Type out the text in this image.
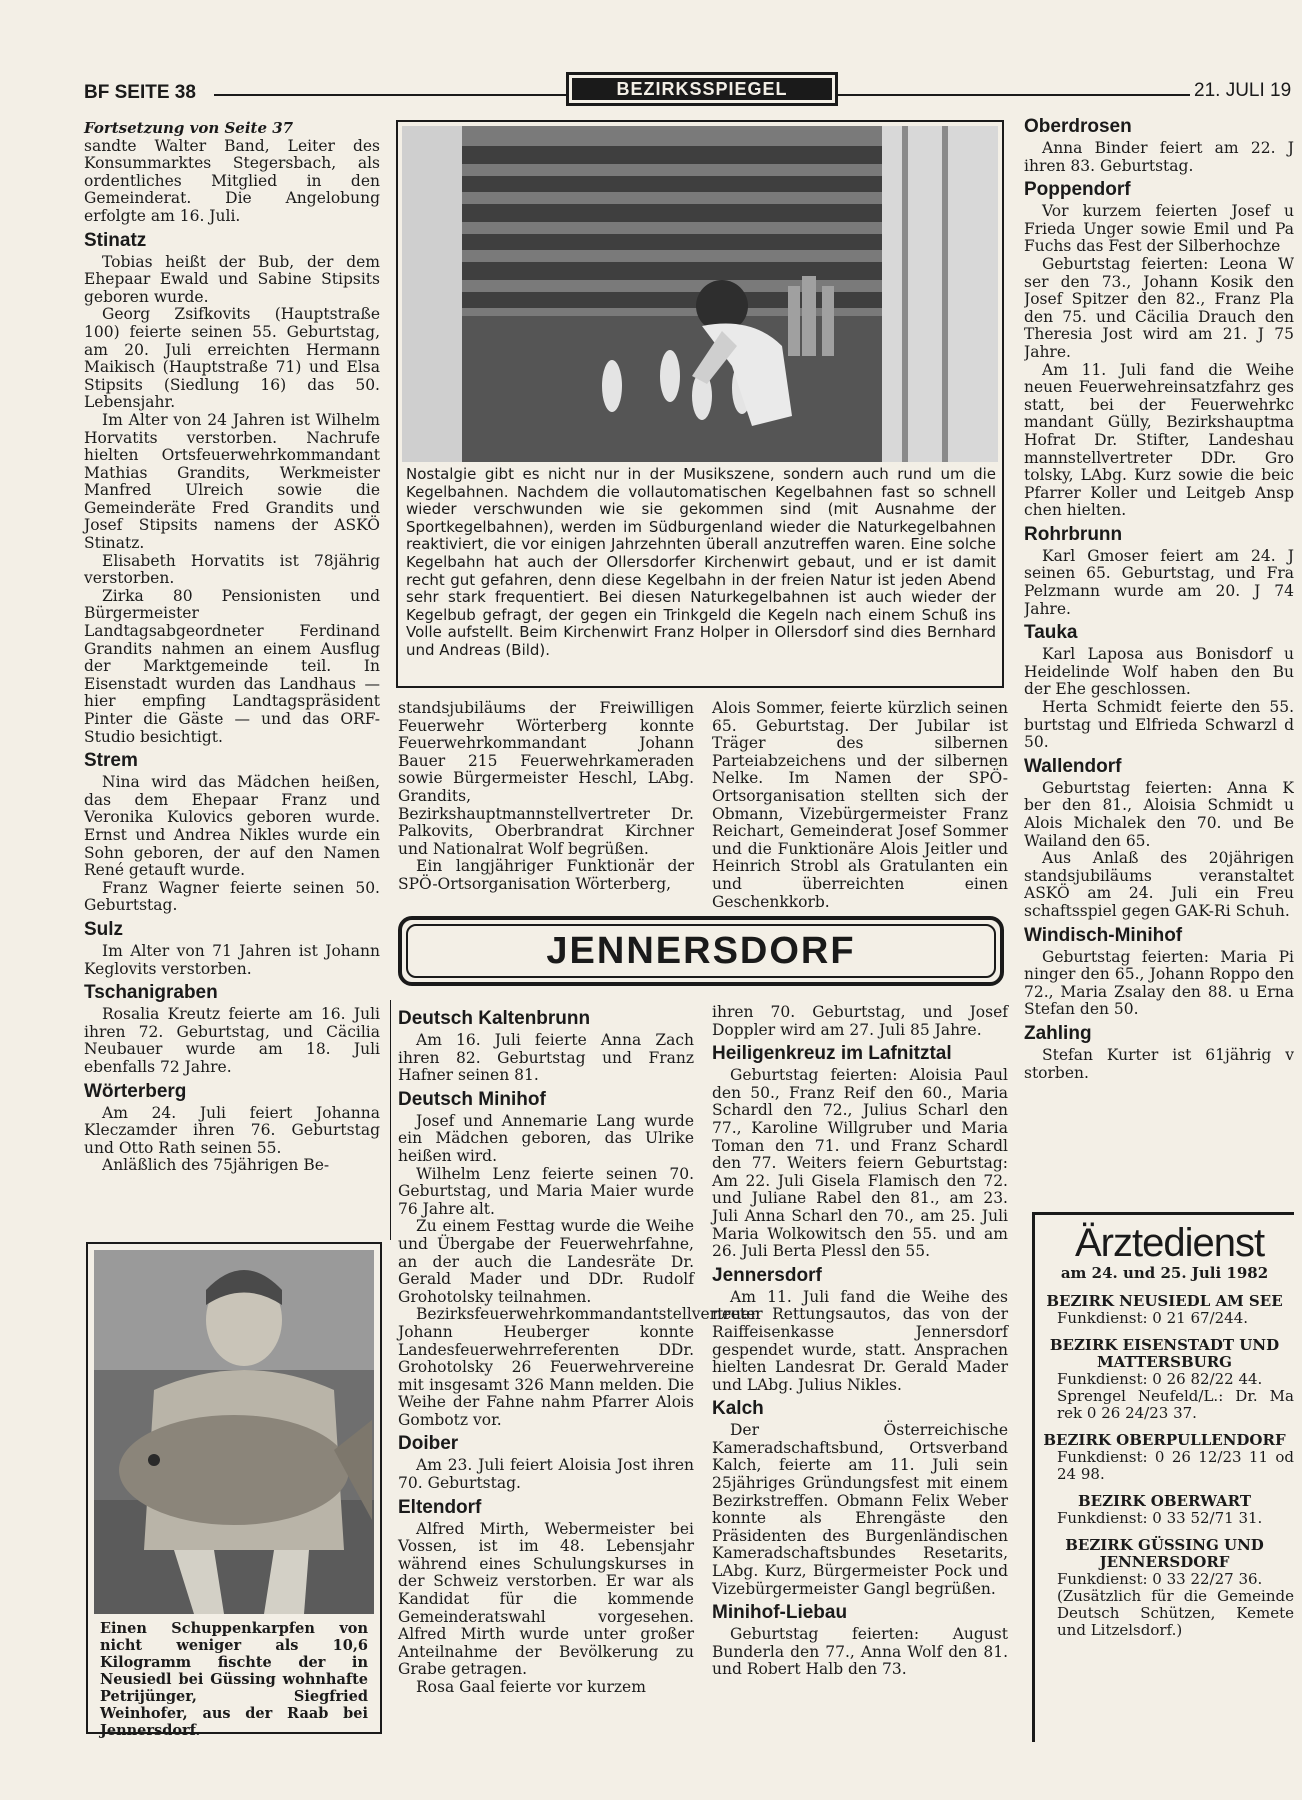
BF SEITE 38	BEZIRKSSPIEGEL	21. JULI 19

Fortsetzung von Seite 37

sandte Walter Band, Leiter des Konsummarktes Stegersbach, als ordentliches Mitglied in den Gemeinderat. Die Angelobung erfolgte am 16. Juli.

Stinatz

Tobias heißt der Bub, der dem Ehepaar Ewald und Sabine Stipsits geboren wurde.

Georg Zsifkovits (Hauptstraße 100) feierte seinen 55. Geburtstag, am 20. Juli erreichten Hermann Maikisch (Hauptstraße 71) und Elsa Stipsits (Siedlung 16) das 50. Lebensjahr.

Im Alter von 24 Jahren ist Wilhelm Horvatits verstorben. Nachrufe hielten Ortsfeuerwehrkommandant Mathias Grandits, Werkmeister Manfred Ulreich sowie die Gemeinderäte Fred Grandits und Josef Stipsits namens der ASKÖ Stinatz.

Elisabeth Horvatits ist 78jährig verstorben.

Zirka 80 Pensionisten und Bürgermeister Landtagsabgeordneter Ferdinand Grandits nahmen an einem Ausflug der Marktgemeinde teil. In Eisenstadt wurden das Landhaus — hier empfing Landtagspräsident Pinter die Gäste — und das ORF-Studio besichtigt.

Strem

Nina wird das Mädchen heißen, das dem Ehepaar Franz und Veronika Kulovics geboren wurde. Ernst und Andrea Nikles wurde ein Sohn geboren, der auf den Namen René getauft wurde.

Franz Wagner feierte seinen 50. Geburtstag.

Sulz

Im Alter von 71 Jahren ist Johann Keglovits verstorben.

Tschanigraben

Rosalia Kreutz feierte am 16. Juli ihren 72. Geburtstag, und Cäcilia Neubauer wurde am 18. Juli ebenfalls 72 Jahre.

Wörterberg

Am 24. Juli feiert Johanna Kleczamder ihren 76. Geburtstag und Otto Rath seinen 55.

Anläßlich des 75jährigen Be-

Einen Schuppenkarpfen von nicht weniger als 10,6 Kilogramm fischte der in Neusiedl bei Güssing wohnhafte Petrijünger, Siegfried Weinhofer, aus der Raab bei Jennersdorf.
Nostalgie gibt es nicht nur in der Musikszene, sondern auch rund um die Kegelbahnen. Nachdem die vollautomatischen Kegelbahnen fast so schnell wieder verschwunden wie sie gekommen sind (mit Ausnahme der Sportkegelbahnen), werden im Südburgenland wieder die Naturkegelbahnen reaktiviert, die vor einigen Jahrzehnten überall anzutreffen waren. Eine solche Kegelbahn hat auch der Ollersdorfer Kirchenwirt gebaut, und er ist damit recht gut gefahren, denn diese Kegelbahn in der freien Natur ist jeden Abend sehr stark frequentiert. Bei diesen Naturkegelbahnen ist auch wieder der Kegelbub gefragt, der gegen ein Trinkgeld die Kegeln nach einem Schuß ins Volle aufstellt. Beim Kirchenwirt Franz Holper in Ollersdorf sind dies Bernhard und Andreas (Bild).

standsjubiläums der Freiwilligen Feuerwehr Wörterberg konnte Feuerwehrkommandant Johann Bauer 215 Feuerwehrkameraden sowie Bürgermeister Heschl, LAbg. Grandits, Bezirkshauptmannstellvertreter Dr. Palkovits, Oberbrandrat Kirchner und Nationalrat Wolf begrüßen.

Ein langjähriger Funktionär der SPÖ-Ortsorganisation Wörterberg,

Alois Sommer, feierte kürzlich seinen 65. Geburtstag. Der Jubilar ist Träger des silbernen Parteiabzeichens und der silbernen Nelke. Im Namen der SPÖ-Ortsorganisation stellten sich der Obmann, Vizebürgermeister Franz Reichart, Gemeinderat Josef Sommer und die Funktionäre Alois Jeitler und Heinrich Strobl als Gratulanten ein und überreichten einen Geschenkkorb.

JENNERSDORF
Deutsch Kaltenbrunn

Am 16. Juli feierte Anna Zach ihren 82. Geburtstag und Franz Hafner seinen 81.

Deutsch Minihof

Josef und Annemarie Lang wurde ein Mädchen geboren, das Ulrike heißen wird.

Wilhelm Lenz feierte seinen 70. Geburtstag, und Maria Maier wurde 76 Jahre alt.

Zu einem Festtag wurde die Weihe und Übergabe der Feuerwehrfahne, an der auch die Landesräte Dr. Gerald Mader und DDr. Rudolf Grohotolsky teilnahmen.

Bezirksfeuerwehrkommandantstellvertreter Johann Heuberger konnte Landesfeuerwehrreferenten DDr. Grohotolsky 26 Feuerwehrvereine mit insgesamt 326 Mann melden. Die Weihe der Fahne nahm Pfarrer Alois Gombotz vor.

Doiber

Am 23. Juli feiert Aloisia Jost ihren 70. Geburtstag.

Eltendorf

Alfred Mirth, Webermeister bei Vossen, ist im 48. Lebensjahr während eines Schulungskurses in der Schweiz verstorben. Er war als Kandidat für die kommende Gemeinderatswahl vorgesehen. Alfred Mirth wurde unter großer Anteilnahme der Bevölkerung zu Grabe getragen.

Rosa Gaal feierte vor kurzem

ihren 70. Geburtstag, und Josef Doppler wird am 27. Juli 85 Jahre.

Heiligenkreuz im Lafnitztal

Geburtstag feierten: Aloisia Paul den 50., Franz Reif den 60., Maria Schardl den 72., Julius Scharl den 77., Karoline Willgruber und Maria Toman den 71. und Franz Schardl den 77. Weiters feiern Geburtstag: Am 22. Juli Gisela Flamisch den 72. und Juliane Rabel den 81., am 23. Juli Anna Scharl den 70., am 25. Juli Maria Wolkowitsch den 55. und am 26. Juli Berta Plessl den 55.

Jennersdorf

Am 11. Juli fand die Weihe des neuen Rettungsautos, das von der Raiffeisenkasse Jennersdorf gespendet wurde, statt. Ansprachen hielten Landesrat Dr. Gerald Mader und LAbg. Julius Nikles.

Kalch

Der Österreichische Kameradschaftsbund, Ortsverband Kalch, feierte am 11. Juli sein 25jähriges Gründungsfest mit einem Bezirkstreffen. Obmann Felix Weber konnte als Ehrengäste den Präsidenten des Burgenländischen Kameradschaftsbundes Resetarits, LAbg. Kurz, Bürgermeister Pock und Vizebürgermeister Gangl begrüßen.

Minihof-Liebau

Geburtstag feierten: August Bunderla den 77., Anna Wolf den 81. und Robert Halb den 73.

Oberdrosen

Anna Binder feiert am 22. J ihren 83. Geburtstag.

Poppendorf

Vor kurzem feierten Josef u Frieda Unger sowie Emil und Pa Fuchs das Fest der Silberhochze

Geburtstag feierten: Leona W ser den 73., Johann Kosik den Josef Spitzer den 82., Franz Pla den 75. und Cäcilia Drauch den Theresia Jost wird am 21. J 75 Jahre.

Am 11. Juli fand die Weihe neuen Feuerwehreinsatzfahrz ges statt, bei der Feuerwehrkc mandant Gülly, Bezirkshauptma Hofrat Dr. Stifter, Landeshau mannstellvertreter DDr. Gro tolsky, LAbg. Kurz sowie die beic Pfarrer Koller und Leitgeb Ansp chen hielten.

Rohrbrunn

Karl Gmoser feiert am 24. J seinen 65. Geburtstag, und Fra Pelzmann wurde am 20. J 74 Jahre.

Tauka

Karl Laposa aus Bonisdorf u Heidelinde Wolf haben den Bu der Ehe geschlossen.

Herta Schmidt feierte den 55. burtstag und Elfrieda Schwarzl d 50.

Wallendorf

Geburtstag feierten: Anna K ber den 81., Aloisia Schmidt u Alois Michalek den 70. und Be Wailand den 65.

Aus Anlaß des 20jährigen standsjubiläums veranstaltet ASKÖ am 24. Juli ein Freu schaftsspiel gegen GAK-Ri Schuh.

Windisch-Minihof

Geburtstag feierten: Maria Pi ninger den 65., Johann Roppo den 72., Maria Zsalay den 88. u Erna Stefan den 50.

Zahling

Stefan Kurter ist 61jährig v storben.

Ärztedienst
am 24. und 25. Juli 1982
BEZIRK NEUSIEDL AM SEE
Funkdienst: 0 21 67/244.
BEZIRK EISENSTADT UND MATTERSBURG
Funkdienst: 0 26 82/22 44.
Sprengel Neufeld/L.: Dr. Ma rek 0 26 24/23 37.
BEZIRK OBERPULLENDORF
Funkdienst: 0 26 12/23 11 od 24 98.
BEZIRK OBERWART
Funkdienst: 0 33 52/71 31.
BEZIRK GÜSSING UND JENNERSDORF
Funkdienst: 0 33 22/27 36.
(Zusätzlich für die Gemeinde Deutsch Schützen, Kemete und Litzelsdorf.)
